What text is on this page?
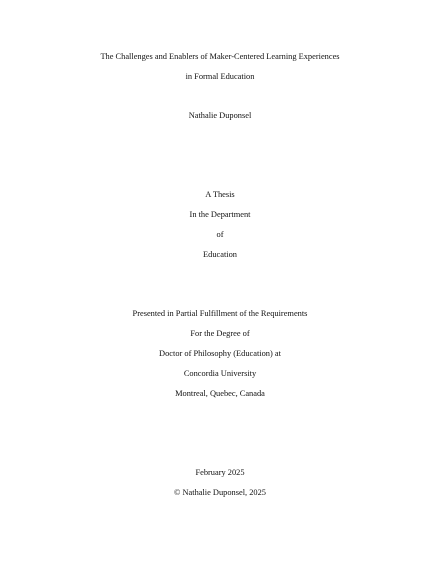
The Challenges and Enablers of Maker-Centered Learning Experiences
in Formal Education
Nathalie Duponsel
A Thesis
In the Department
of
Education
Presented in Partial Fulfillment of the Requirements
For the Degree of
Doctor of Philosophy (Education) at
Concordia University
Montreal, Quebec, Canada
February 2025
© Nathalie Duponsel, 2025
